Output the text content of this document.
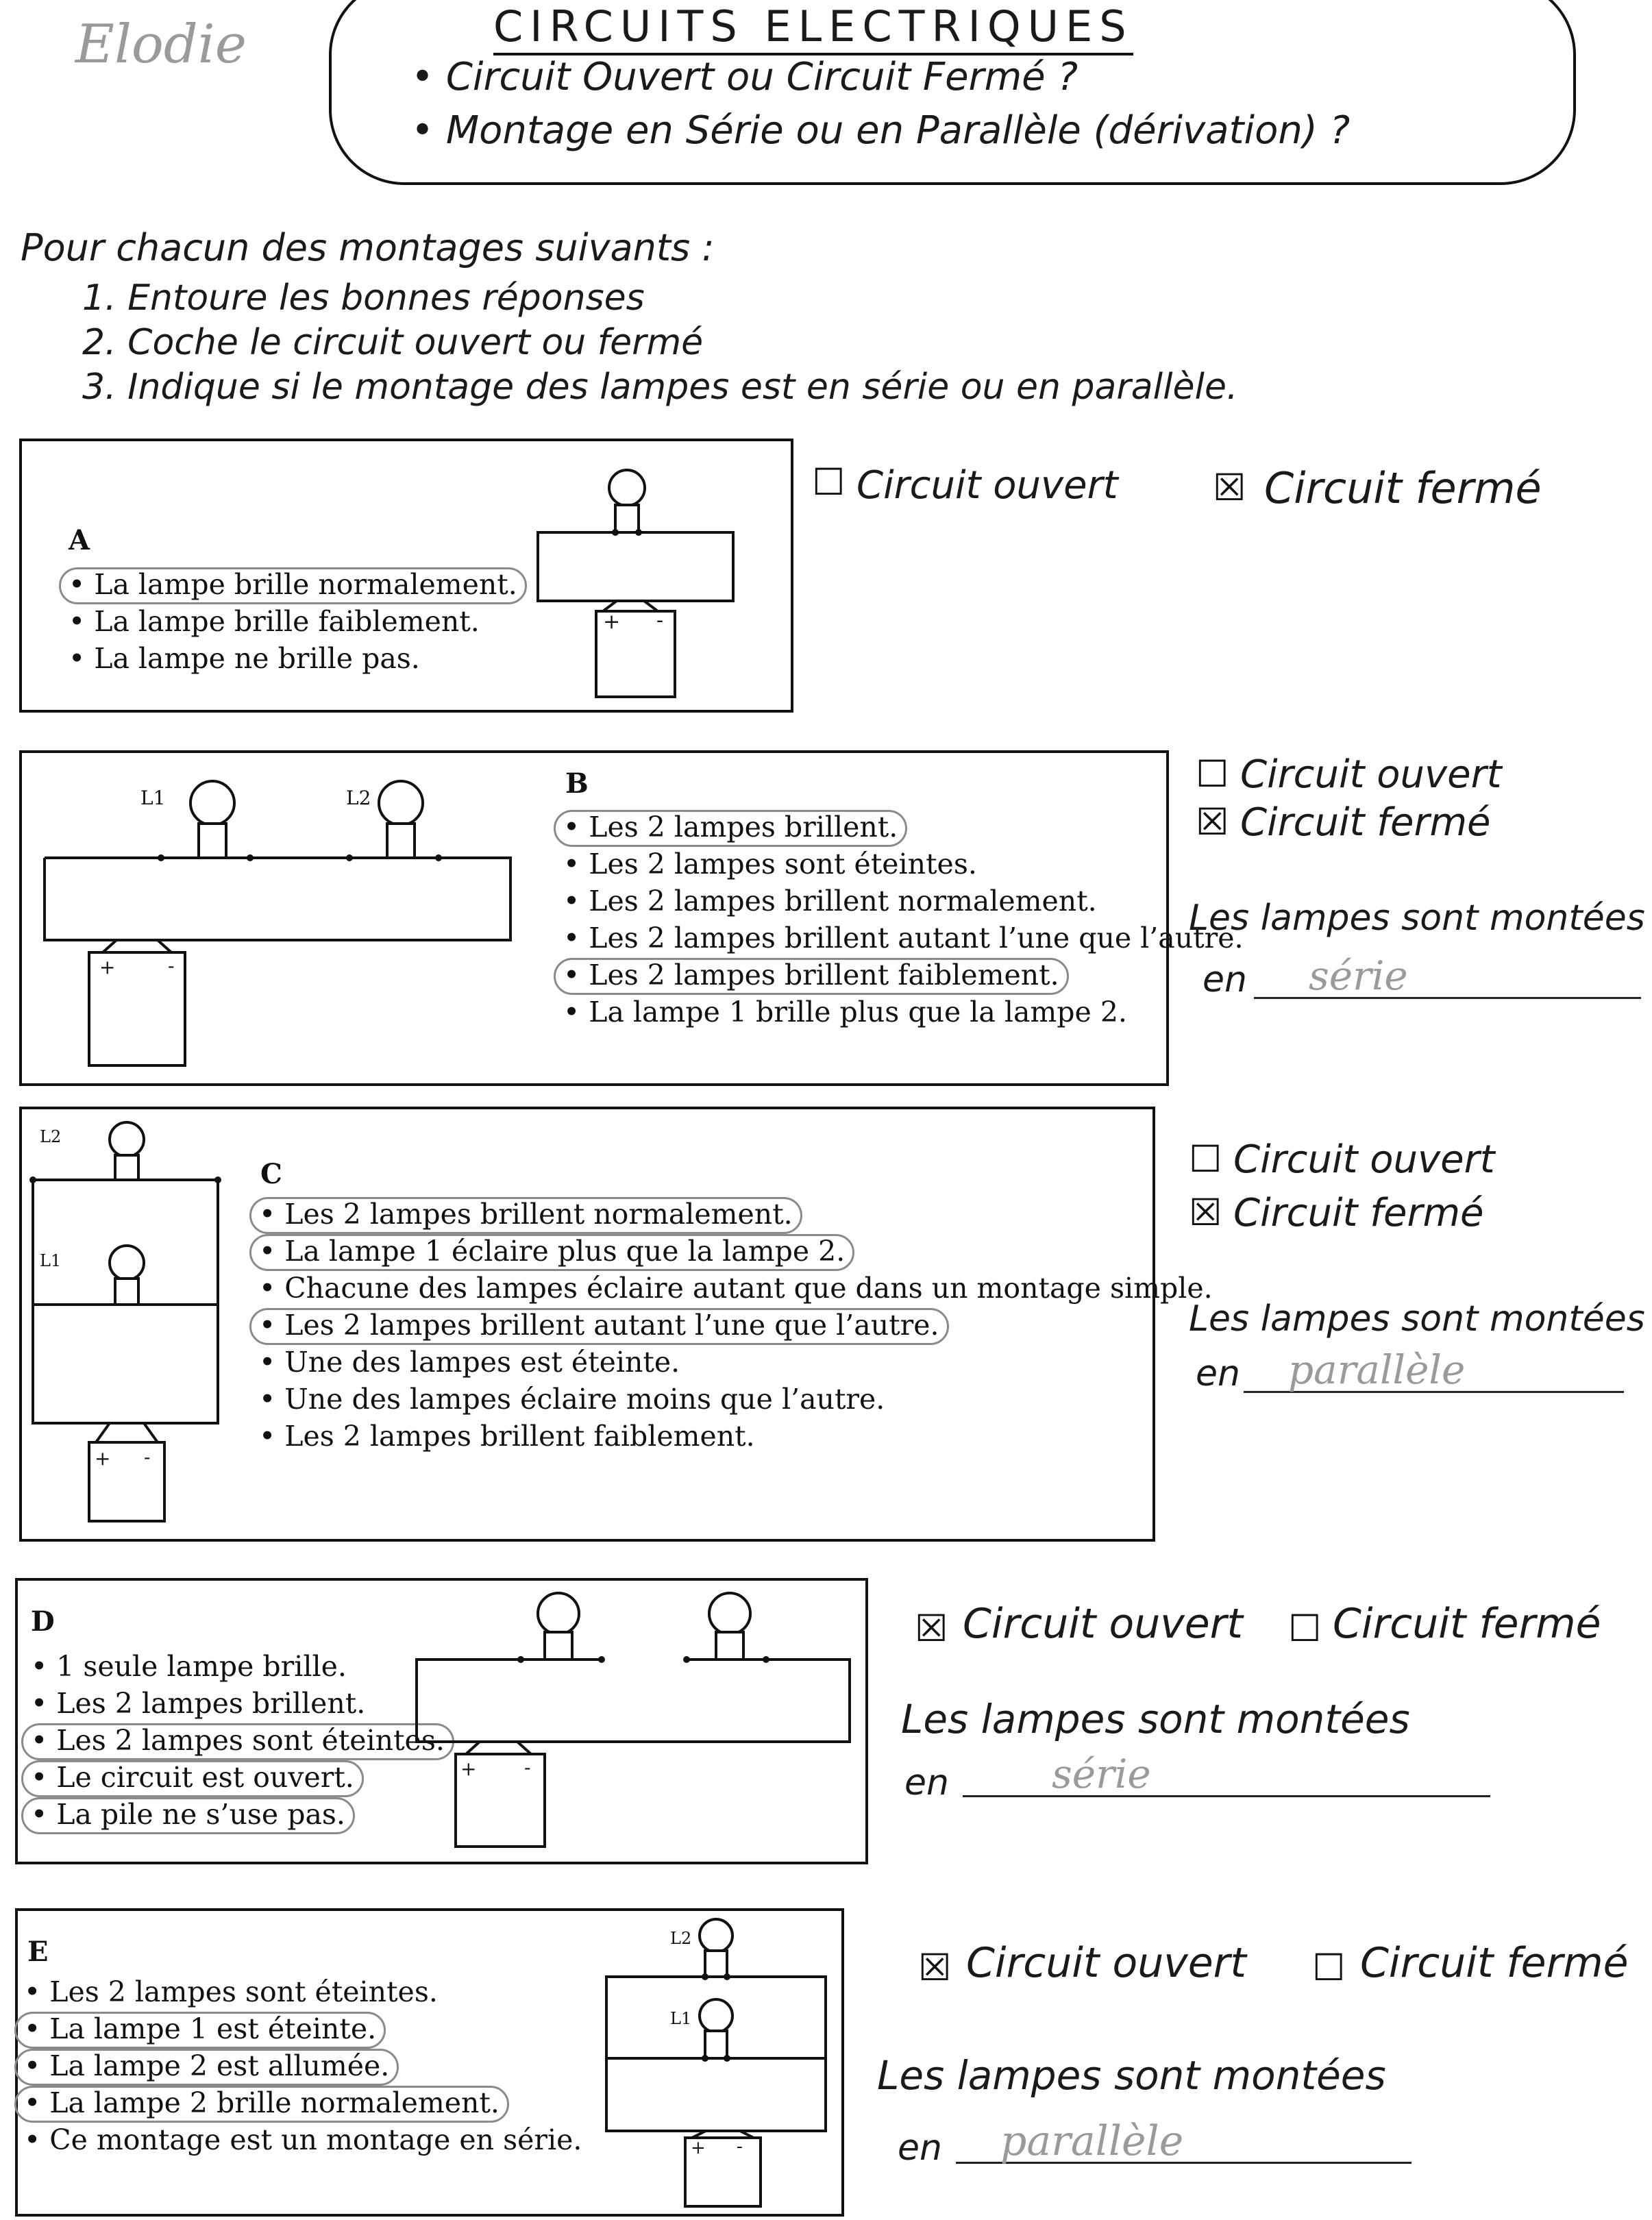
Elodie	CIRCUITS ELECTRIQUES
• Circuit Ouvert ou Circuit Fermé ?
• Montage en Série ou en Parallèle (dérivation) ?
Pour chacun des montages suivants :
1. Entoure les bonnes réponses
2. Coche le circuit ouvert ou fermé
3. Indique si le montage des lampes est en série ou en parallèle.
A
• La lampe brille normalement.
• La lampe brille faiblement.
• La lampe ne brille pas.
+ -
☐ Circuit ouvert	☒ Circuit fermé
B
• Les 2 lampes brillent.
• Les 2 lampes sont éteintes.
• Les 2 lampes brillent normalement.
• Les 2 lampes brillent autant l’une que l’autre.
• Les 2 lampes brillent faiblement.
• La lampe 1 brille plus que la lampe 2.
L1	L2
+	-
☐ Circuit ouvert
☒ Circuit fermé
Les lampes sont montées
en série
C
• Les 2 lampes brillent normalement.
• La lampe 1 éclaire plus que la lampe 2.
• Chacune des lampes éclaire autant que dans un montage simple.
• Les 2 lampes brillent autant l’une que l’autre.
• Une des lampes est éteinte.
• Une des lampes éclaire moins que l’autre.
• Les 2 lampes brillent faiblement.
L2
L1
+ -
☐ Circuit ouvert
☒ Circuit fermé
Les lampes sont montées
en parallèle
D
• 1 seule lampe brille.
• Les 2 lampes brillent.
• Les 2 lampes sont éteintes.
• Le circuit est ouvert.
• La pile ne s’use pas.
+ -
☒ Circuit ouvert ☐ Circuit fermé
Les lampes sont montées
en	série
E
• Les 2 lampes sont éteintes.
• La lampe 1 est éteinte.
• La lampe 2 est allumée.
• La lampe 2 brille normalement.
• Ce montage est un montage en série.
L2
L1
+ -
☒ Circuit ouvert ☐ Circuit fermé
Les lampes sont montées
en parallèle
